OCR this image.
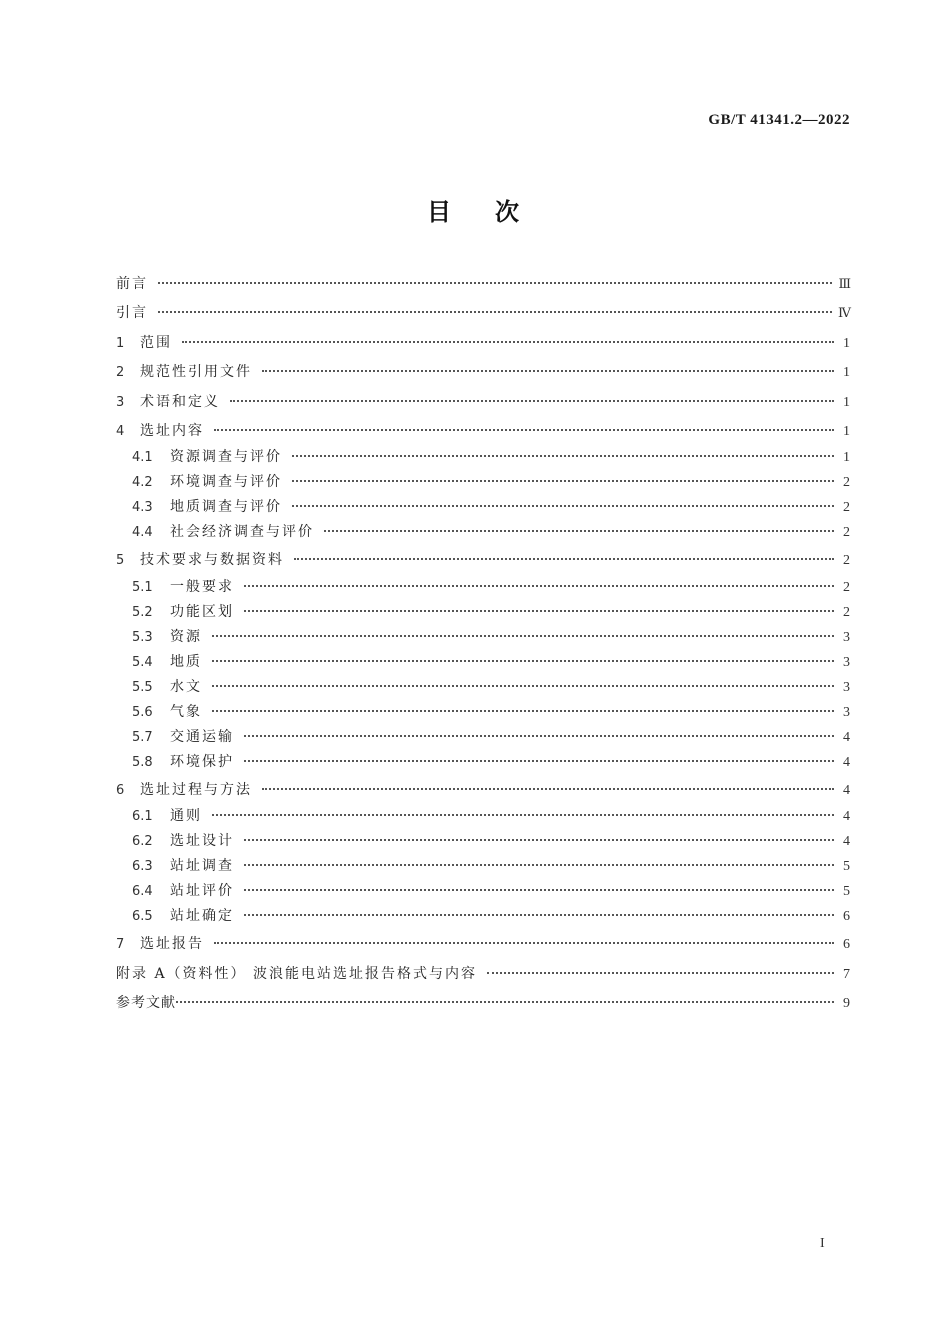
GB/T 41341.2—2022
目 次
前言	Ⅲ
引言	Ⅳ
1	范围	1
2	规范性引用文件	1
3	术语和定义	1
4	选址内容	1
4.1	资源调查与评价	1
4.2	环境调查与评价	2
4.3	地质调查与评价	2
4.4	社会经济调查与评价	2
5	技术要求与数据资料	2
5.1	一般要求	2
5.2	功能区划	2
5.3	资源	3
5.4	地质	3
5.5	水文	3
5.6	气象	3
5.7	交通运输	4
5.8	环境保护	4
6	选址过程与方法	4
6.1	通则	4
6.2	选址设计	4
6.3	站址调查	5
6.4	站址评价	5
6.5	站址确定	6
7	选址报告	6
附录 A（资料性） 波浪能电站选址报告格式与内容	7
参考文献	9
I
